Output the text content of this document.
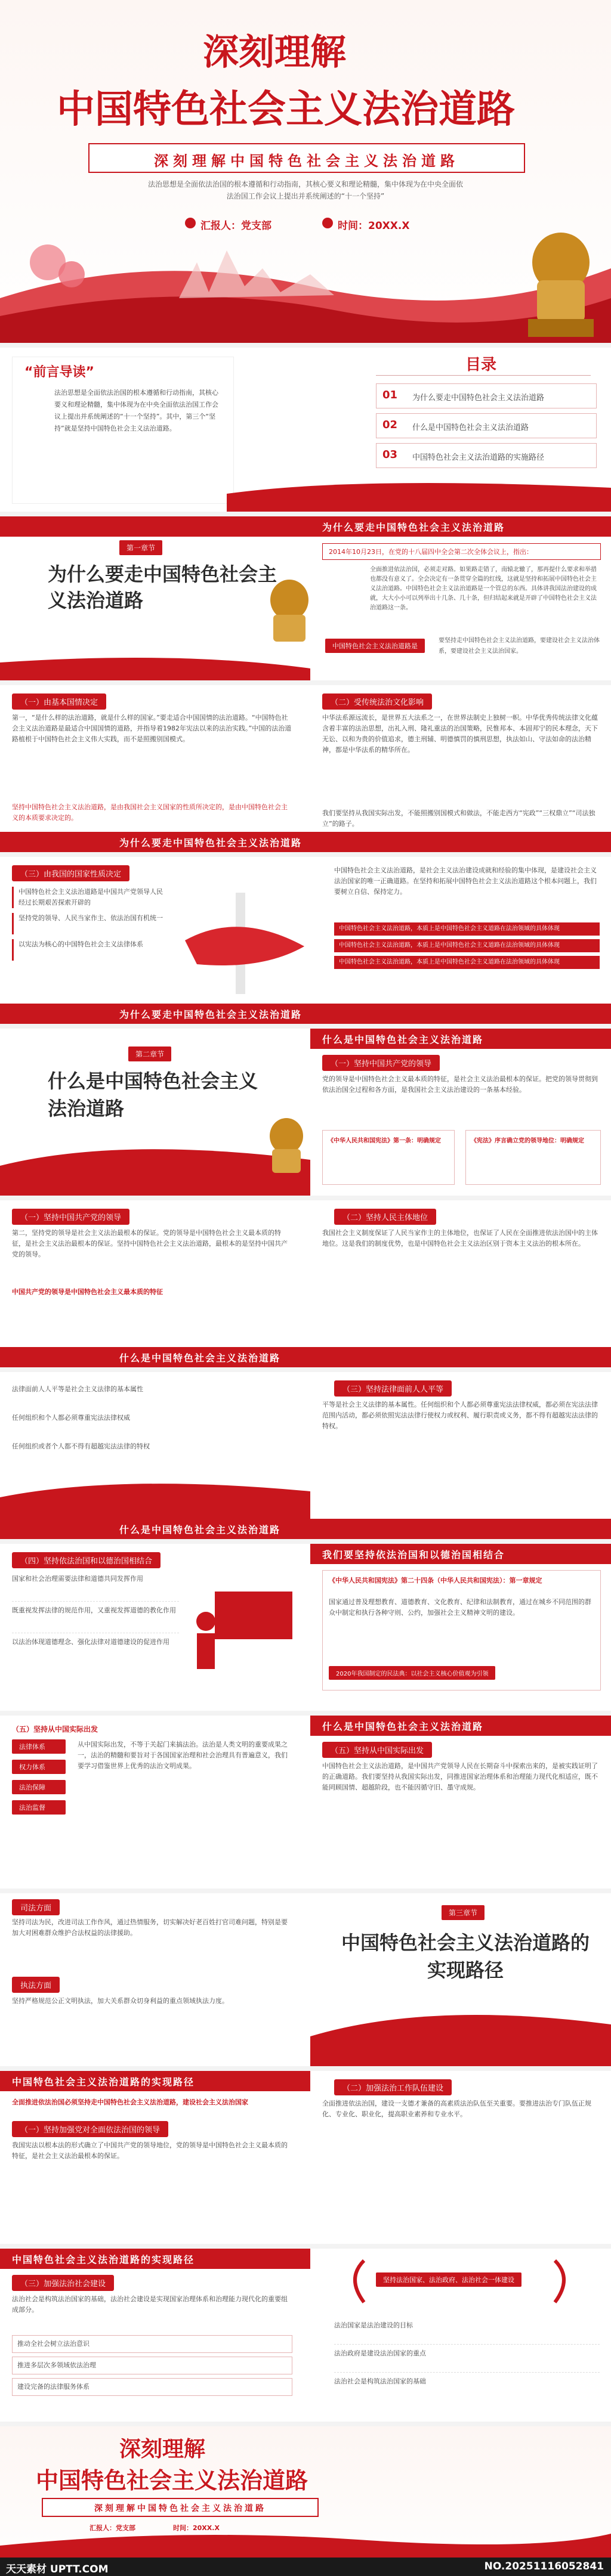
深刻理解
中国特色社会主义法治道路
深刻理解中国特色社会主义法治道路
法治思想是全面依法治国的根本遵循和行动指南，其核心要义和理论精髓，集中体现为在中央全面依
法治国工作会议上提出并系统阐述的“十一个坚持”
汇报人：党支部	时间：20XX.X
“前言导读”
法治思想是全面依法治国的根本遵循和行动指南，其核心要义和理论精髓，集中体现为在中央全面依法治国工作会议上提出并系统阐述的“十一个坚持”。其中，第三个“坚持”就是坚持中国特色社会主义法治道路。
目录
01 为什么要走中国特色社会主义法治道路
02 什么是中国特色社会主义法治道路
03 中国特色社会主义法治道路的实施路径
为什么要走中国特色社会主义法治道路
第一章节
为什么要走中国特色社会主义法治道路
2014年10月23日，在党的十八届四中全会第二次全体会议上，指出：
全面推进依法治国，必须走对路。如果路走错了，南辕北辙了，那再提什么要求和举措也都没有意义了。全会决定有一条贯穿全篇的红线，这就是坚持和拓展中国特色社会主义法治道路。中国特色社会主义法治道路是一个管总的东西。具体讲我国法治建设的成就，大大小小可以列举出十几条、几十条，但归结起来就是开辟了中国特色社会主义法治道路这一条。
中国特色社会主义法治道路是
要坚持走中国特色社会主义法治道路，要建设社会主义法治体系，要建设社会主义法治国家。
（一）由基本国情决定
第一，“是什么样的法治道路，就是什么样的国家。”要走适合中国国情的法治道路。“中国特色社会主义法治道路是最适合中国国情的道路，并指导着1982年宪法以来的法治实践。”中国的法治道路植根于中国特色社会主义伟大实践，而不是照搬别国模式。
坚持中国特色社会主义法治道路，是由我国社会主义国家的性质所决定的，是由中国特色社会主义的本质要求决定的。
（二）受传统法治文化影响
中华法系源远流长，是世界五大法系之一，在世界法制史上独树一帜。中华优秀传统法律文化蕴含着丰富的法治思想，出礼入刑、隆礼重法的治国策略，民惟邦本、本固邦宁的民本理念，天下无讼、以和为贵的价值追求，德主刑辅、明德慎罚的慎刑思想，执法如山、守法如命的法治精神，都是中华法系的精华所在。
我们要坚持从我国实际出发，不能照搬别国模式和做法，不能走西方“宪政”“三权鼎立”“司法独立”的路子。
为什么要走中国特色社会主义法治道路
（三）由我国的国家性质决定
中国特色社会主义法治道路是中国共产党领导人民经过长期艰苦探索开辟的
坚持党的领导、人民当家作主、依法治国有机统一
以宪法为核心的中国特色社会主义法律体系
中国特色社会主义法治道路，是社会主义法治建设成就和经验的集中体现，是建设社会主义法治国家的唯一正确道路。在坚持和拓展中国特色社会主义法治道路这个根本问题上，我们要树立自信、保持定力。
中国特色社会主义法治道路，本质上是中国特色社会主义道路在法治领域的具体体现
中国特色社会主义法治道路，本质上是中国特色社会主义道路在法治领域的具体体现
中国特色社会主义法治道路，本质上是中国特色社会主义道路在法治领域的具体体现
为什么要走中国特色社会主义法治道路
第二章节
什么是中国特色社会主义法治道路
什么是中国特色社会主义法治道路
（一）坚持中国共产党的领导
党的领导是中国特色社会主义最本质的特征，是社会主义法治最根本的保证。把党的领导贯彻到依法治国全过程和各方面，是我国社会主义法治建设的一条基本经验。
《中华人民共和国宪法》第一条：明确规定	《宪法》序言确立党的领导地位：明确规定
（一）坚持中国共产党的领导
第二，坚持党的领导是社会主义法治最根本的保证。党的领导是中国特色社会主义最本质的特征，是社会主义法治最根本的保证。坚持中国特色社会主义法治道路，最根本的是坚持中国共产党的领导。
中国共产党的领导是中国特色社会主义最本质的特征
（二）坚持人民主体地位
我国社会主义制度保证了人民当家作主的主体地位，也保证了人民在全面推进依法治国中的主体地位。这是我们的制度优势，也是中国特色社会主义法治区别于资本主义法治的根本所在。
什么是中国特色社会主义法治道路
法律面前人人平等是社会主义法律的基本属性
任何组织和个人都必须尊重宪法法律权威
任何组织或者个人都不得有超越宪法法律的特权
（三）坚持法律面前人人平等
平等是社会主义法律的基本属性。任何组织和个人都必须尊重宪法法律权威，都必须在宪法法律范围内活动，都必须依照宪法法律行使权力或权利、履行职责或义务，都不得有超越宪法法律的特权。
什么是中国特色社会主义法治道路
我们要坚持依法治国和以德治国相结合
（四）坚持依法治国和以德治国相结合
国家和社会治理需要法律和道德共同发挥作用
既重视发挥法律的规范作用，又重视发挥道德的教化作用
以法治体现道德理念、强化法律对道德建设的促进作用
《中华人民共和国宪法》第二十四条（中华人民共和国宪法）：第一章规定
国家通过普及理想教育、道德教育、文化教育、纪律和法制教育，通过在城乡不同范围的群众中制定和执行各种守则、公约，加强社会主义精神文明的建设。
2020年我国制定的民法典：以社会主义核心价值观为引领
（五）坚持从中国实际出发
法律体系
权力体系
法治保障
法治监督
从中国实际出发，不等于关起门来搞法治。法治是人类文明的重要成果之一，法治的精髓和要旨对于各国国家治理和社会治理具有普遍意义，我们要学习借鉴世界上优秀的法治文明成果。
什么是中国特色社会主义法治道路
（五）坚持从中国实际出发
中国特色社会主义法治道路，是中国共产党领导人民在长期奋斗中探索出来的，是被实践证明了的正确道路。我们要坚持从我国实际出发，同推进国家治理体系和治理能力现代化相适应，既不能罔顾国情、超越阶段，也不能因循守旧、墨守成规。
司法方面
坚持司法为民，改进司法工作作风，通过热情服务，切实解决好老百姓打官司难问题，特别是要加大对困难群众维护合法权益的法律援助。
执法方面
坚持严格规范公正文明执法，加大关系群众切身利益的重点领域执法力度。
第三章节
中国特色社会主义法治道路的实现路径
中国特色社会主义法治道路的实现路径
全面推进依法治国必须坚持走中国特色社会主义法治道路，建设社会主义法治国家
（一）坚持加强党对全面依法治国的领导
我国宪法以根本法的形式确立了中国共产党的领导地位，党的领导是中国特色社会主义最本质的特征，是社会主义法治最根本的保证。
（二）加强法治工作队伍建设
全面推进依法治国，建设一支德才兼备的高素质法治队伍至关重要。要推进法治专门队伍正规化、专业化、职业化，提高职业素养和专业水平。
中国特色社会主义法治道路的实现路径
（三）加强法治社会建设
法治社会是构筑法治国家的基础，法治社会建设是实现国家治理体系和治理能力现代化的重要组成部分。
推动全社会树立法治意识
推进多层次多领域依法治理
建设完备的法律服务体系
坚持法治国家、法治政府、法治社会一体建设
法治国家是法治建设的目标
法治政府是建设法治国家的重点
法治社会是构筑法治国家的基础
深刻理解
中国特色社会主义法治道路
深刻理解中国特色社会主义法治道路
汇报人：党支部	时间：20XX.X
天天素材 UPTT.COM	NO.20251116052841
